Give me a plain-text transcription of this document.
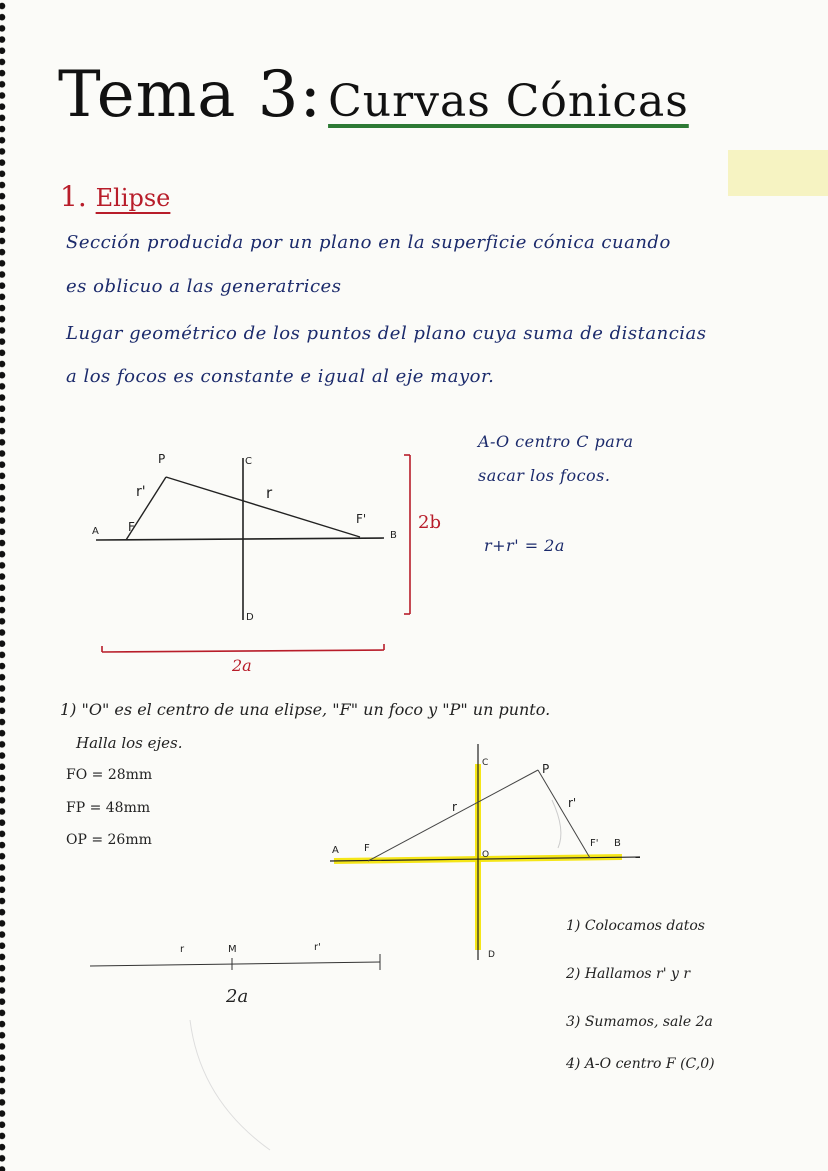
Tema 3: Curvas Cónicas
1. Elipse
Sección producida por un plano en la superficie cónica cuando
es oblicuo a las generatrices
Lugar geométrico de los puntos del plano cuya suma de distancias
a los focos es constante e igual al eje mayor.
P	C
r'	r
F'
A F
B
D
2b
2a
A-O centro C para
sacar los focos.
r+r' = 2a
1) "O" es el centro de una elipse, "F" un foco y "P" un punto.
Halla los ejes.
FO = 28mm
FP = 48mm
OP = 26mm
C	P
r	r'
A	F
O
F' B
D
r	M	r'
2a
1) Colocamos datos
2) Hallamos r' y r
3) Sumamos, sale 2a
4) A-O centro F (C,0)
